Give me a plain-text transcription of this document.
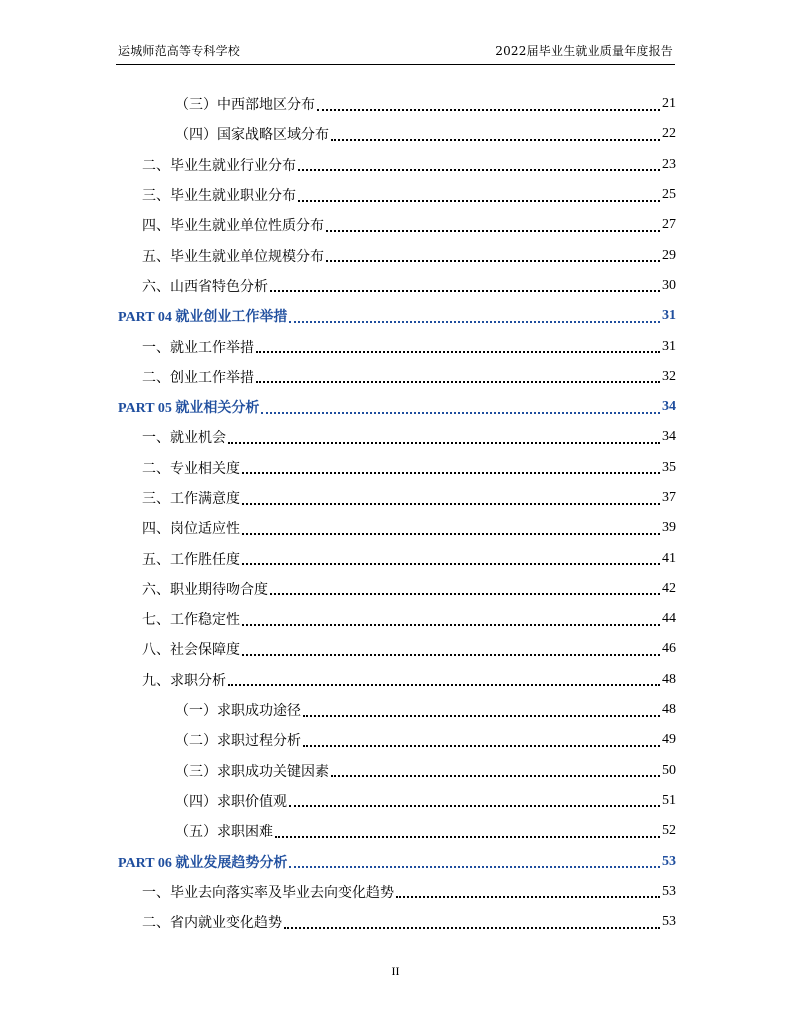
运城师范高等专科学校	2022届毕业生就业质量年度报告
（三）中西部地区分布	21
（四）国家战略区域分布	22
二、毕业生就业行业分布	23
三、毕业生就业职业分布	25
四、毕业生就业单位性质分布	27
五、毕业生就业单位规模分布	29
六、山西省特色分析	30
PART 04 就业创业工作举措	31
一、就业工作举措	31
二、创业工作举措	32
PART 05 就业相关分析	34
一、就业机会	34
二、专业相关度	35
三、工作满意度	37
四、岗位适应性	39
五、工作胜任度	41
六、职业期待吻合度	42
七、工作稳定性	44
八、社会保障度	46
九、求职分析	48
（一）求职成功途径	48
（二）求职过程分析	49
（三）求职成功关键因素	50
（四）求职价值观	51
（五）求职困难	52
PART 06 就业发展趋势分析	53
一、毕业去向落实率及毕业去向变化趋势	53
二、省内就业变化趋势	53
II
